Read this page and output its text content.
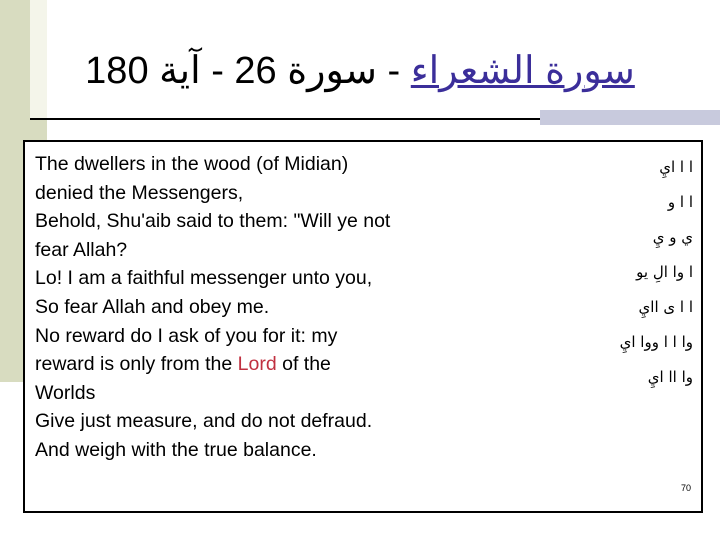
سورة الشعراء - سورة 26 - آية 180
The dwellers in the wood (of Midian)
denied the Messengers,
Behold, Shu'aib said to them: "Will ye not
fear Allah?
Lo! I am a faithful messenger unto you,
So fear Allah and obey me.
No reward do I ask of you for it: my
reward is only from the Lord of the
Worlds
Give just measure, and do not defraud.
And weigh with the true balance.
ا ا ايِ
ا ا و
ي و يِ
ا وا الِ يو
ا ا ى اايِ
وا ا ا ووا ايِ
وا اا ايِ
70
